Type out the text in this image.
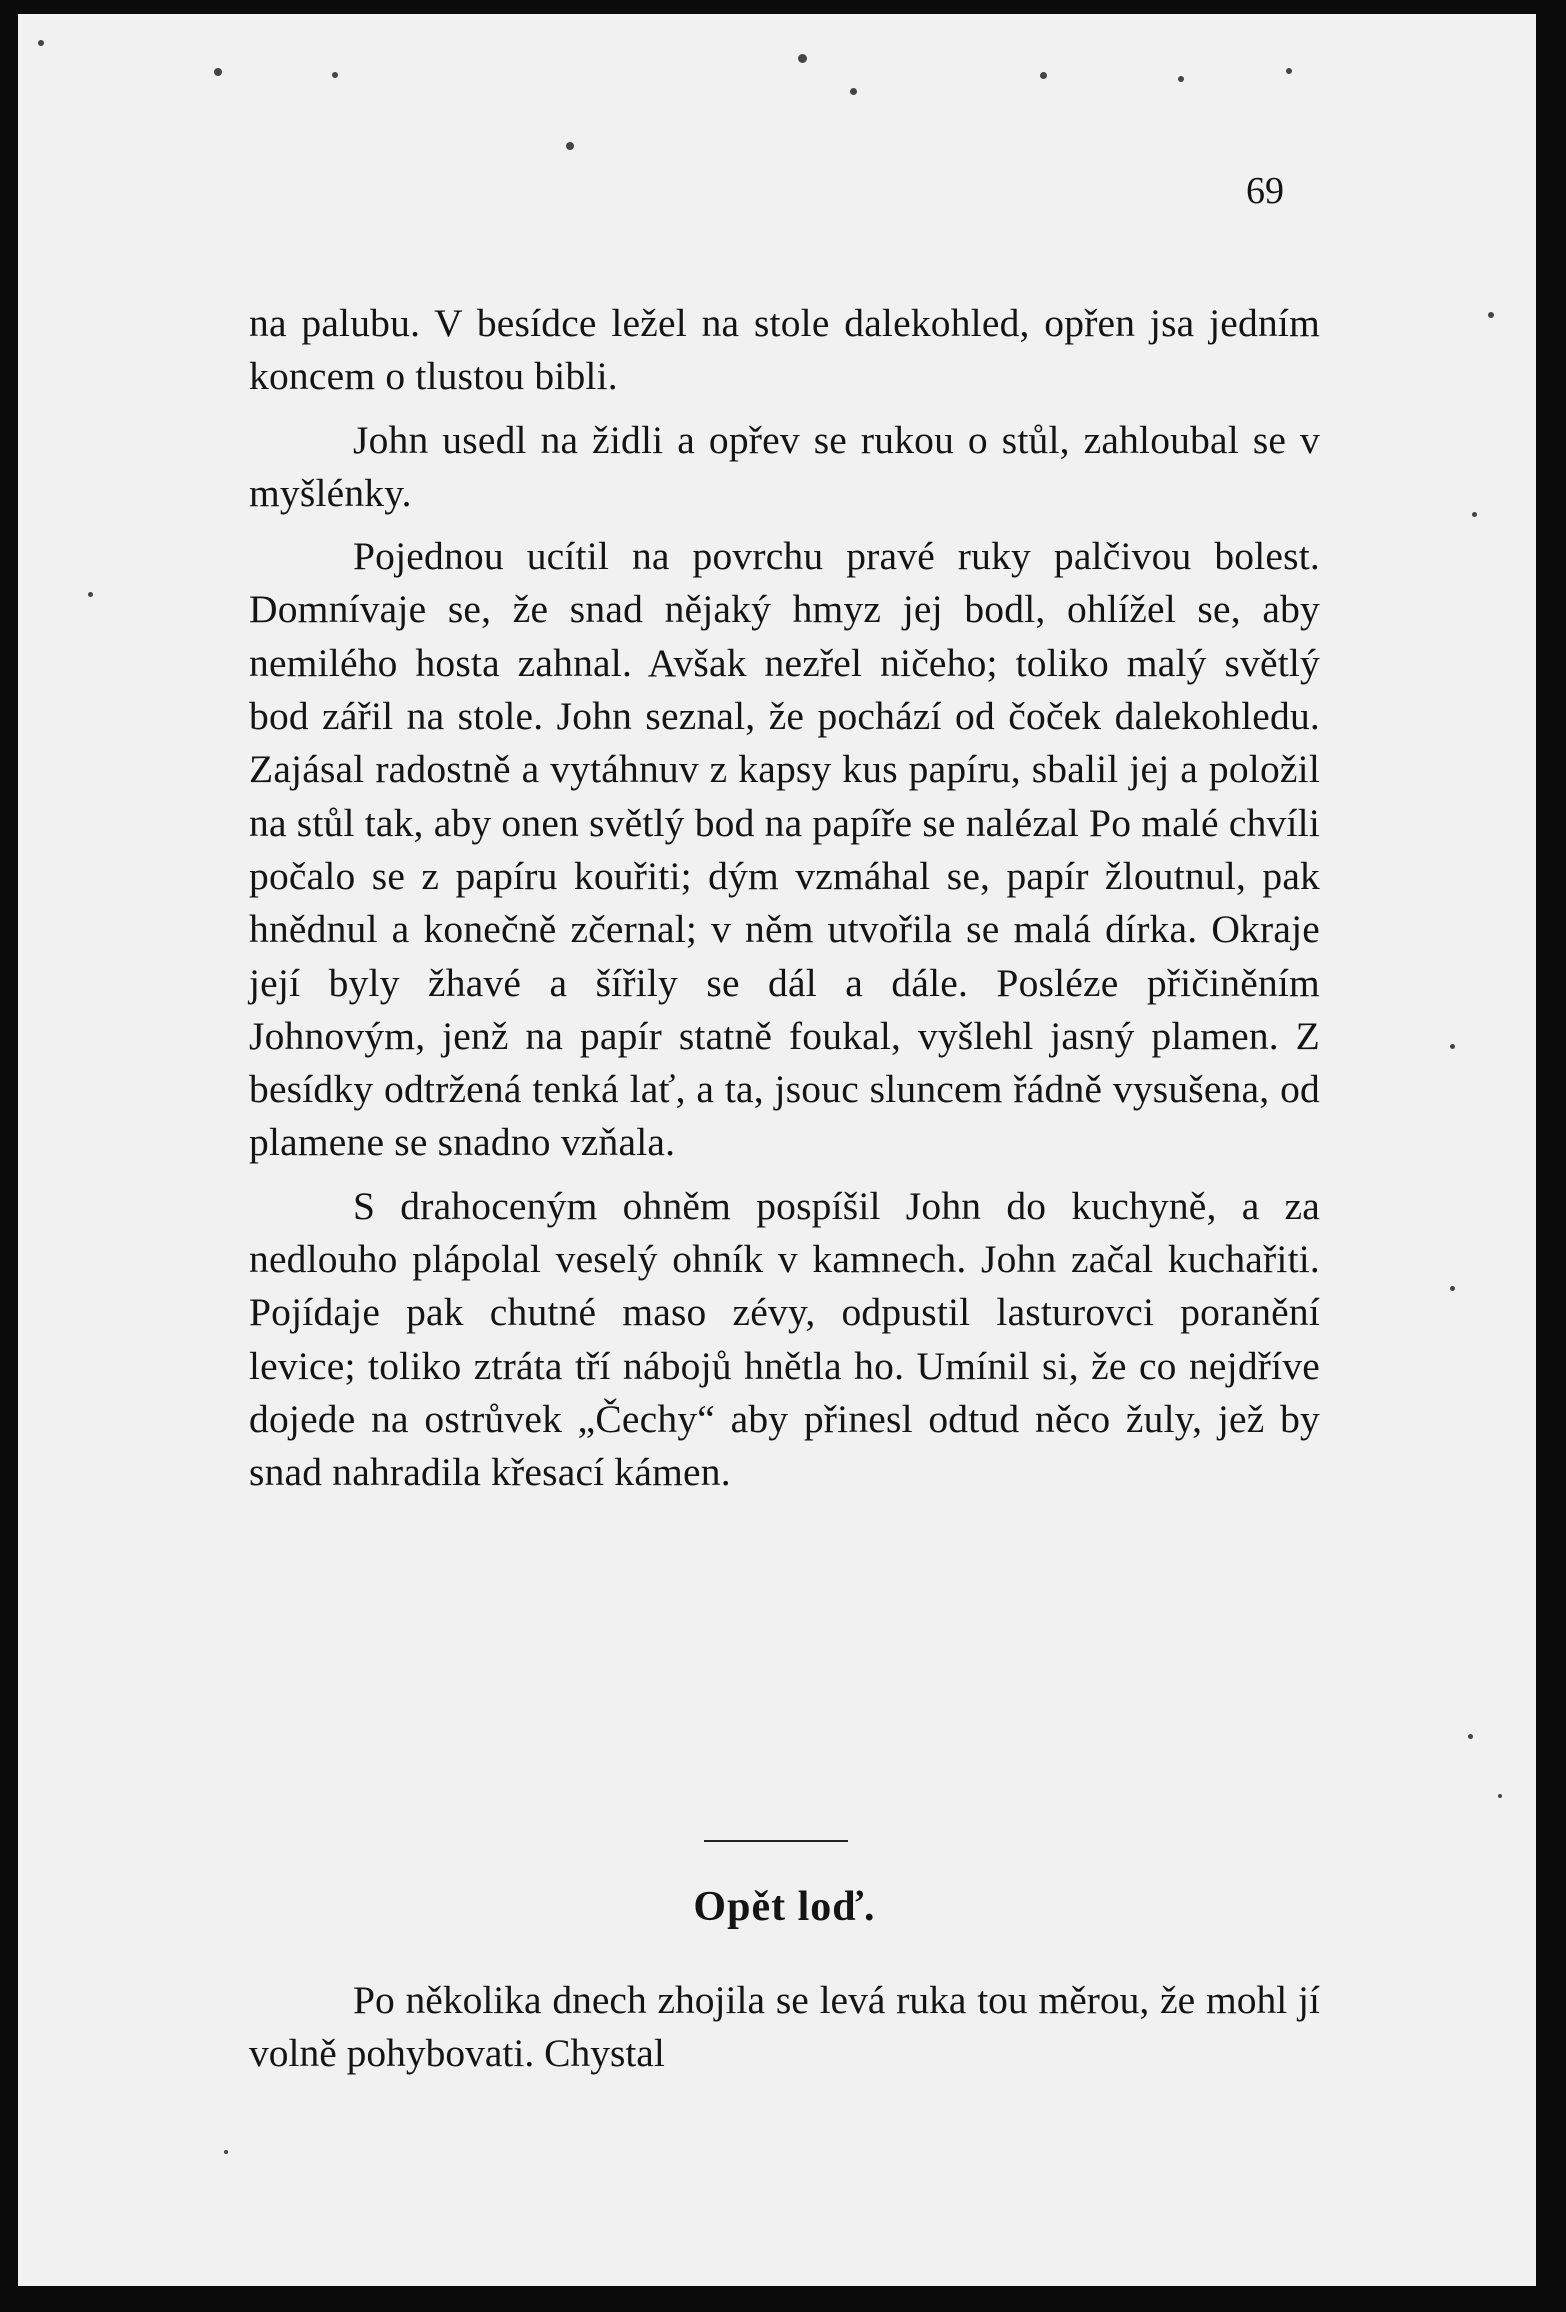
69

na palubu. V besídce ležel na stole dalekohled, opřen jsa jedním koncem o tlustou bibli.

John usedl na židli a opřev se rukou o stůl, zahloubal se v myšlénky.

Pojednou ucítil na povrchu pravé ruky palčivou bolest. Domnívaje se, že snad nějaký hmyz jej bodl, ohlížel se, aby nemilého hosta zahnal. Avšak nezřel ničeho; toliko malý světlý bod zářil na stole. John seznal, že pochází od čoček dalekohledu. Zajásal radostně a vytáhnuv z kapsy kus papíru, sbalil jej a položil na stůl tak, aby onen světlý bod na papíře se nalézal Po malé chvíli počalo se z papíru kouřiti; dým vzmáhal se, papír žloutnul, pak hnědnul a konečně zčernal; v něm utvořila se malá dírka. Okraje její byly žhavé a šířily se dál a dále. Posléze přičiněním Johnovým, jenž na papír statně foukal, vyšlehl jasný plamen. Z besídky odtržená tenká lať, a ta, jsouc sluncem řádně vysušena, od plamene se snadno vzňala.

S drahoceným ohněm pospíšil John do kuchyně, a za nedlouho plápolal veselý ohník v kamnech. John začal kuchařiti. Pojídaje pak chutné maso zévy, odpustil lasturovci poranění levice; toliko ztráta tří nábojů hnětla ho. Umínil si, že co nejdříve dojede na ostrůvek „Čechy“ aby přinesl odtud něco žuly, jež by snad nahradila křesací kámen.

Opět loď.

Po několika dnech zhojila se levá ruka tou měrou, že mohl jí volně pohybovati. Chystal
